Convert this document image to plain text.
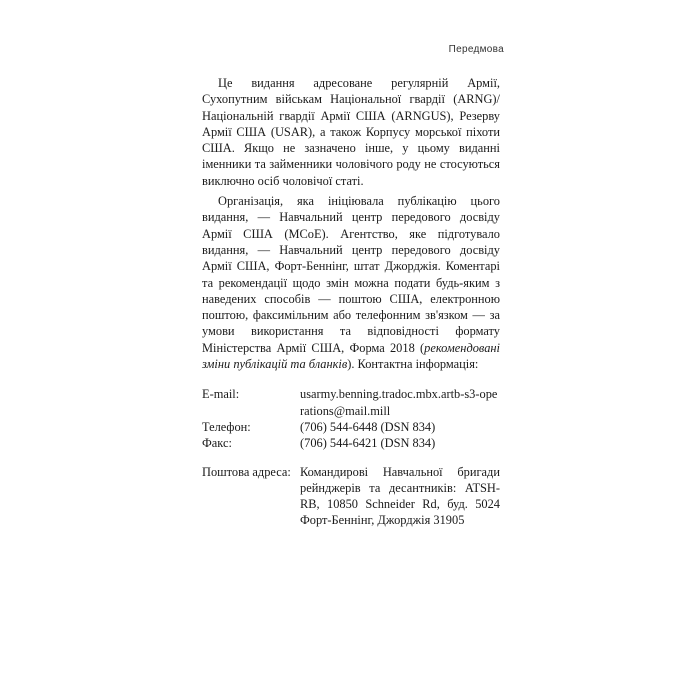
Передмова

Це видання адресоване регулярній Армії, Сухопутним військам Національної гвардії (ARNG)/Національній гвардії Армії США (ARNGUS), Резерву Армії США (USAR), а також Корпусу морської піхоти США. Якщо не зазначено інше, у цьому виданні іменники та займенники чоловічого роду не стосуються виключно осіб чоловічої статі.

Організація, яка ініціювала публікацію цього видання, — Навчальний центр передового досвіду Армії США (MCoE). Агентство, яке підготувало видання, — Навчальний центр передового досвіду Армії США, Форт-Беннінг, штат Джорджія. Коментарі та рекомендації щодо змін можна подати будь-яким з наведених способів — поштою США, електронною поштою, факсимільним або телефонним зв'язком — за умови використання та відповідності формату Міністерства Армії США, Форма 2018 (рекомендовані зміни публікацій та бланків). Контактна інформація:

E-mail:	usarmy.benning.tradoc.mbx.artb-s3-operations@mail.mill
Телефон:	(706) 544-6448 (DSN 834)
Факс:	(706) 544-6421 (DSN 834)
Поштова адреса: Командирові Навчальної бригади рейнджерів та десантників: ATSH-RB, 10850 Schneider Rd, буд. 5024 Форт-Беннінг, Джорджія 31905
